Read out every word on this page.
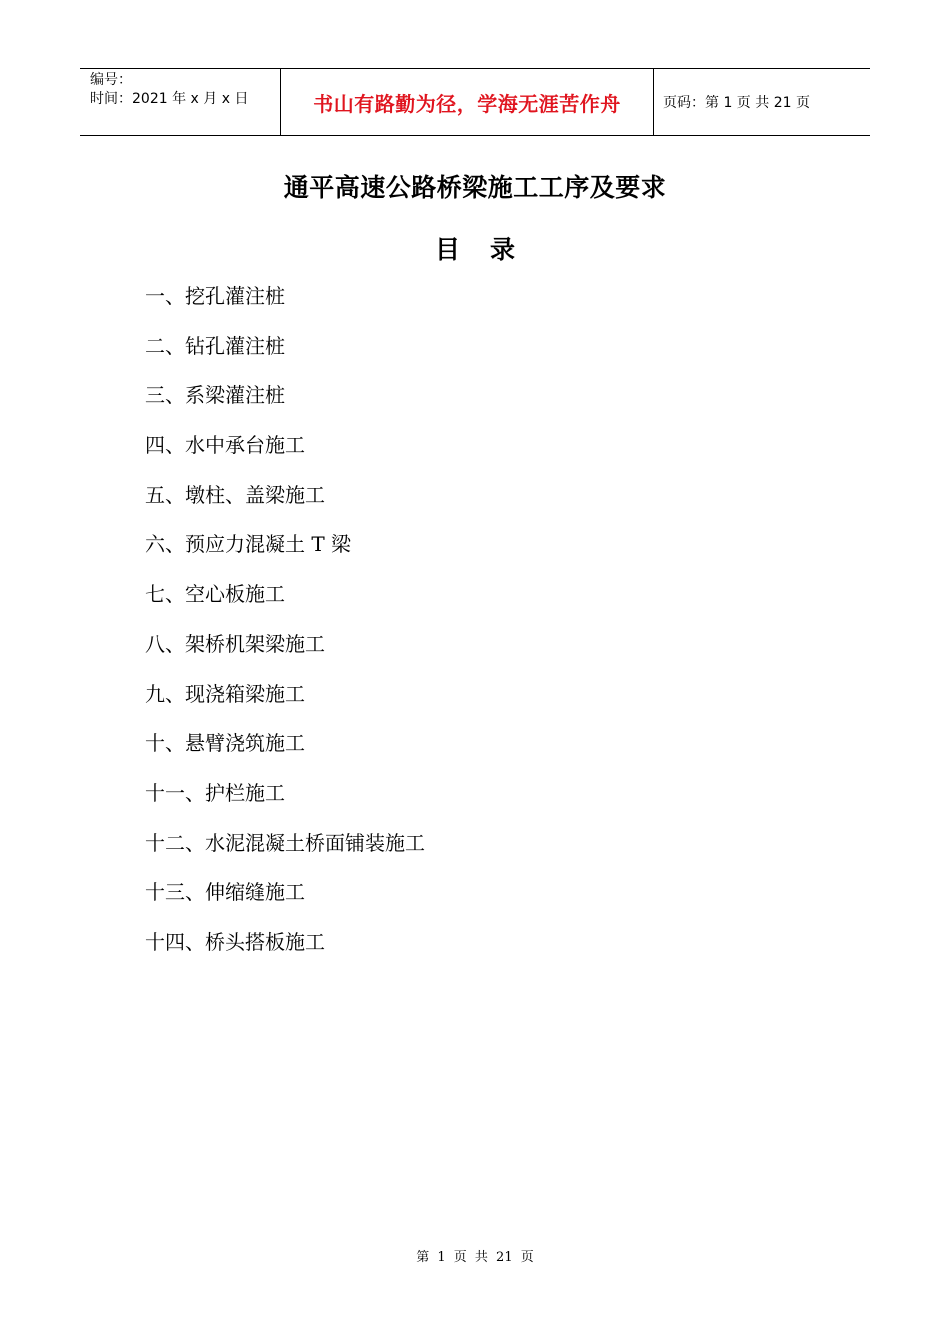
编号：
时间：2021 年 x 月 x 日	书山有路勤为径，学海无涯苦作舟	页码：第 1 页 共 21 页
通平高速公路桥梁施工工序及要求
目录
一、挖孔灌注桩
二、钻孔灌注桩
三、系梁灌注桩
四、水中承台施工
五、墩柱、盖梁施工
六、预应力混凝土 T 梁
七、空心板施工
八、架桥机架梁施工
九、现浇箱梁施工
十、悬臂浇筑施工
十一、护栏施工
十二、水泥混凝土桥面铺装施工
十三、伸缩缝施工
十四、桥头搭板施工
第 1 页 共 21 页
